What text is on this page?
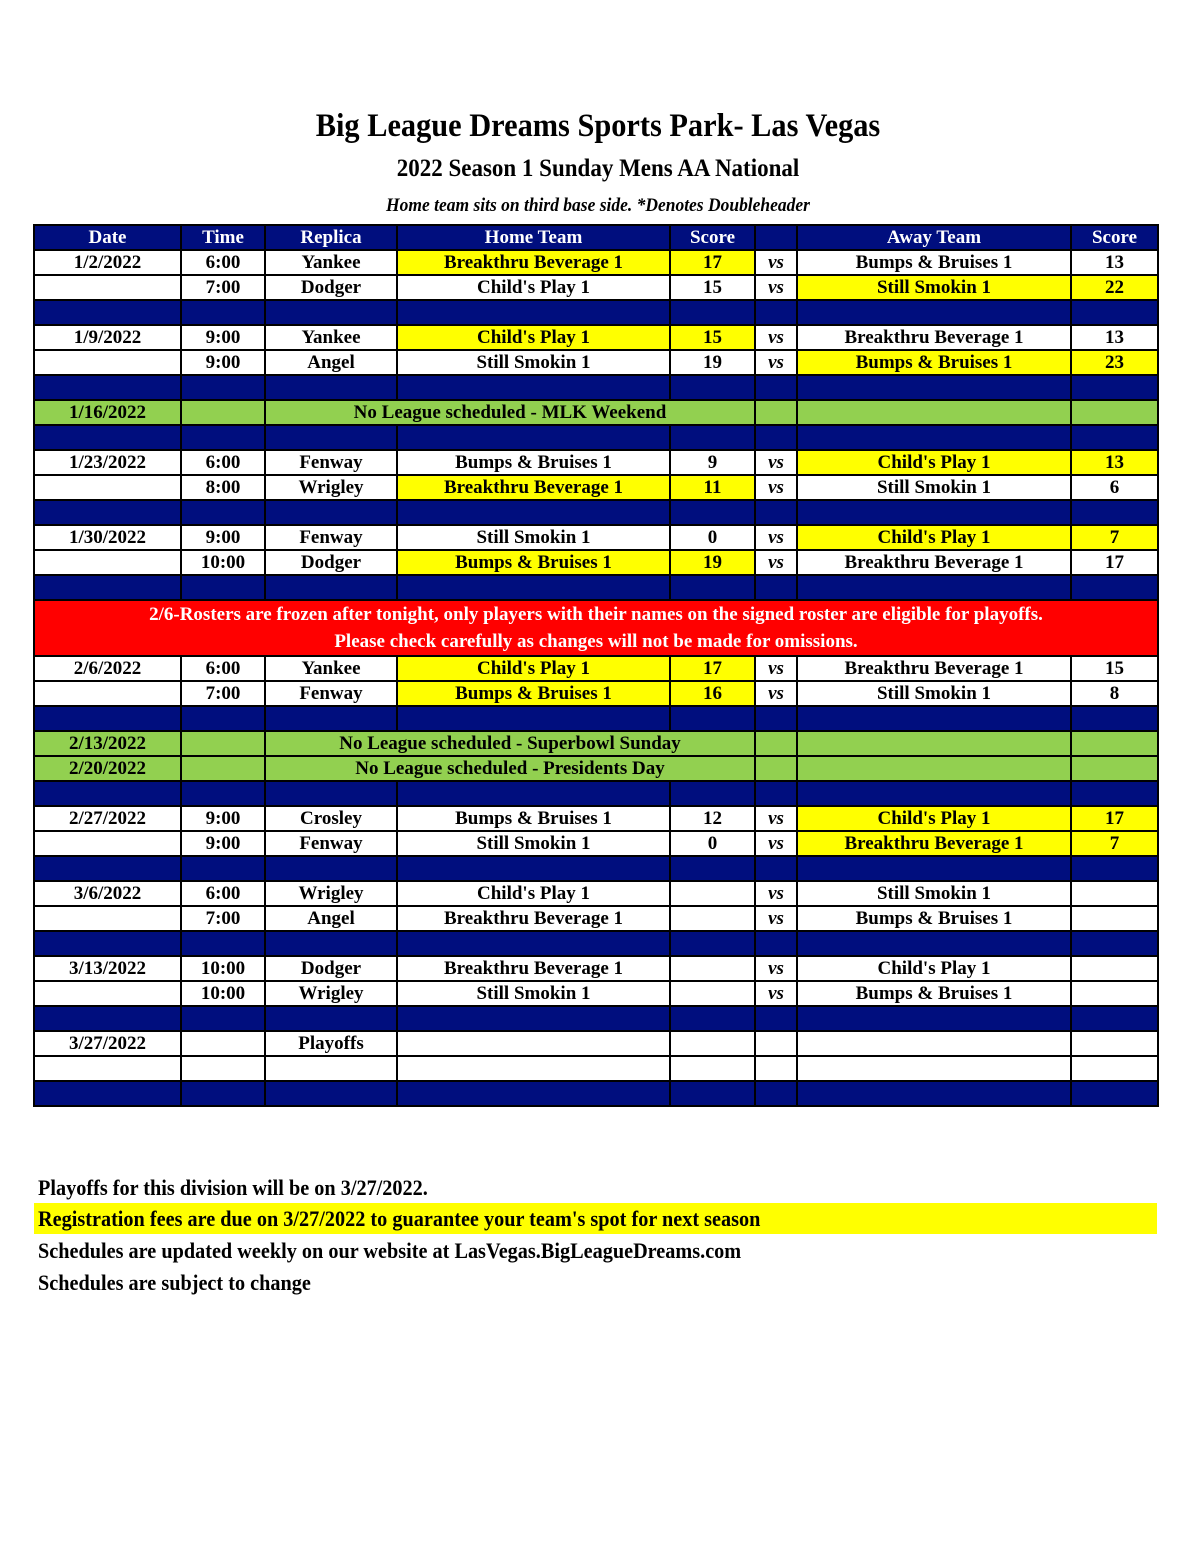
Big League Dreams Sports Park- Las Vegas
2022 Season 1 Sunday Mens AA National
Home team sits on third base side. *Denotes Doubleheader
Date	Time	Replica	Home Team	Score		Away Team	Score
1/2/2022	6:00	Yankee	Breakthru Beverage 1	17	vs	Bumps & Bruises 1	13
	7:00	Dodger	Child's Play 1	15	vs	Still Smokin 1	22

1/9/2022	9:00	Yankee	Child's Play 1	15	vs	Breakthru Beverage 1	13
	9:00	Angel	Still Smokin 1	19	vs	Bumps & Bruises 1	23

1/16/2022		No League scheduled - MLK Weekend					

1/23/2022	6:00	Fenway	Bumps & Bruises 1	9	vs	Child's Play 1	13
	8:00	Wrigley	Breakthru Beverage 1	11	vs	Still Smokin 1	6

1/30/2022	9:00	Fenway	Still Smokin 1	0	vs	Child's Play 1	7
	10:00	Dodger	Bumps & Bruises 1	19	vs	Breakthru Beverage 1	17

2/6-Rosters are frozen after tonight, only players with their names on the signed roster are eligible for playoffs.
Please check carefully as changes will not be made for omissions.							

2/6/2022	6:00	Yankee	Child's Play 1	17	vs	Breakthru Beverage 1	15
	7:00	Fenway	Bumps & Bruises 1	16	vs	Still Smokin 1	8

2/13/2022		No League scheduled - Superbowl Sunday					
2/20/2022		No League scheduled - Presidents Day					

2/27/2022	9:00	Crosley	Bumps & Bruises 1	12	vs	Child's Play 1	17
	9:00	Fenway	Still Smokin 1	0	vs	Breakthru Beverage 1	7

3/6/2022	6:00	Wrigley	Child's Play 1		vs	Still Smokin 1	
	7:00	Angel	Breakthru Beverage 1		vs	Bumps & Bruises 1	

3/13/2022	10:00	Dodger	Breakthru Beverage 1		vs	Child's Play 1	
	10:00	Wrigley	Still Smokin 1		vs	Bumps & Bruises 1	

3/27/2022		Playoffs					

Playoffs for this division will be on 3/27/2022.
Registration fees are due on 3/27/2022 to guarantee your team's spot for next season
Schedules are updated weekly on our website at LasVegas.BigLeagueDreams.com
Schedules are subject to change
